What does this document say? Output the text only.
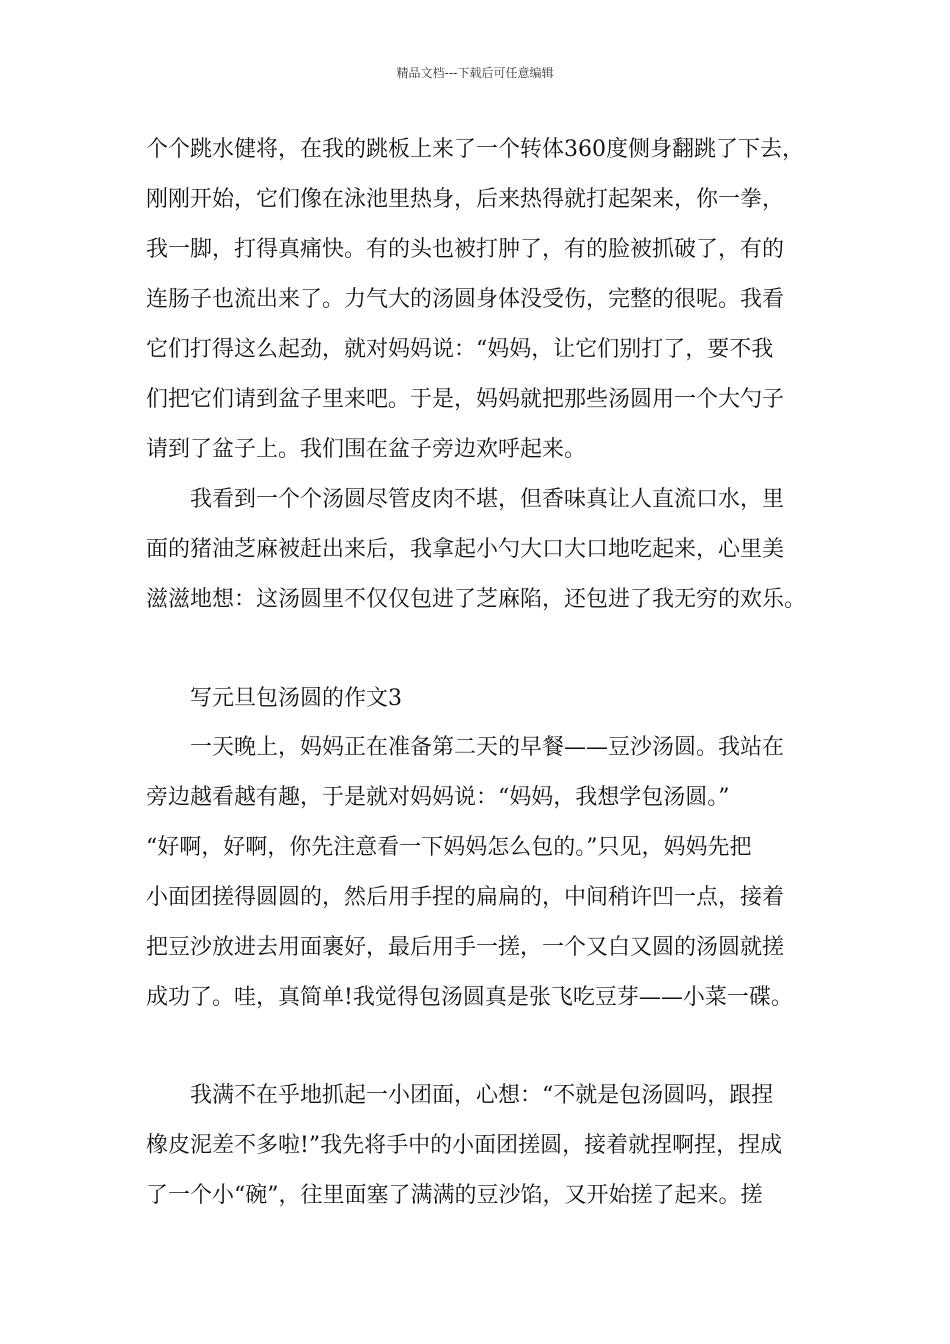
精品文档---下载后可任意编辑
个个跳水健将，在我的跳板上来了一个转体360度侧身翻跳了下去，
刚刚开始，它们像在泳池里热身，后来热得就打起架来，你一拳，
我一脚，打得真痛快。有的头也被打肿了，有的脸被抓破了，有的
连肠子也流出来了。力气大的汤圆身体没受伤，完整的很呢。我看
它们打得这么起劲，就对妈妈说：“妈妈，让它们别打了，要不我
们把它们请到盆子里来吧。于是，妈妈就把那些汤圆用一个大勺子
请到了盆子上。我们围在盆子旁边欢呼起来。
我看到一个个汤圆尽管皮肉不堪，但香味真让人直流口水，里
面的猪油芝麻被赶出来后，我拿起小勺大口大口地吃起来，心里美
滋滋地想：这汤圆里不仅仅包进了芝麻陷，还包进了我无穷的欢乐。
写元旦包汤圆的作文3
一天晚上，妈妈正在准备第二天的早餐——豆沙汤圆。我站在
旁边越看越有趣，于是就对妈妈说：“妈妈，我想学包汤圆。”
“好啊，好啊，你先注意看一下妈妈怎么包的。”只见，妈妈先把
小面团搓得圆圆的，然后用手捏的扁扁的，中间稍许凹一点，接着
把豆沙放进去用面裹好，最后用手一搓，一个又白又圆的汤圆就搓
成功了。哇，真简单!我觉得包汤圆真是张飞吃豆芽——小菜一碟。
我满不在乎地抓起一小团面，心想：“不就是包汤圆吗，跟捏
橡皮泥差不多啦!”我先将手中的小面团搓圆，接着就捏啊捏，捏成
了一个小“碗”，往里面塞了满满的豆沙馅，又开始搓了起来。搓
